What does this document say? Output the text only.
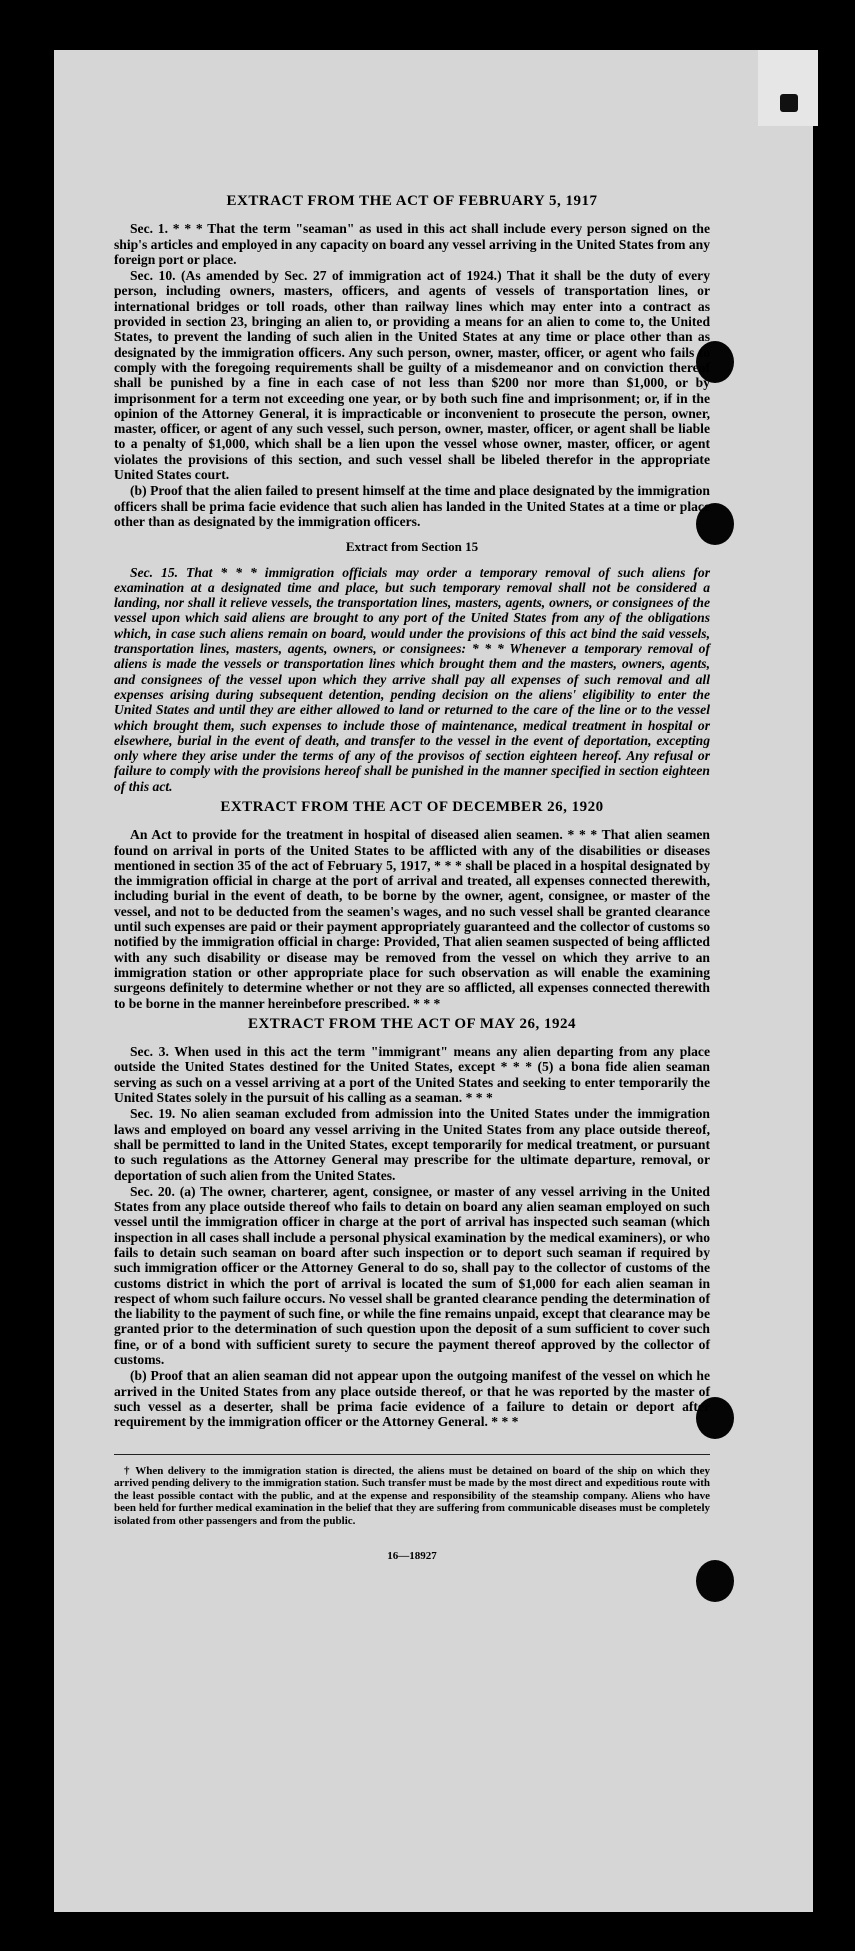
EXTRACT FROM THE ACT OF FEBRUARY 5, 1917

Sec. 1. * * * That the term "seaman" as used in this act shall include every person signed on the ship's articles and employed in any capacity on board any vessel arriving in the United States from any foreign port or place.

Sec. 10. (As amended by Sec. 27 of immigration act of 1924.) That it shall be the duty of every person, including owners, masters, officers, and agents of vessels of transportation lines, or international bridges or toll roads, other than railway lines which may enter into a contract as provided in section 23, bringing an alien to, or providing a means for an alien to come to, the United States, to prevent the landing of such alien in the United States at any time or place other than as designated by the immigration officers. Any such person, owner, master, officer, or agent who fails to comply with the foregoing requirements shall be guilty of a misdemeanor and on conviction thereof shall be punished by a fine in each case of not less than $200 nor more than $1,000, or by imprisonment for a term not exceeding one year, or by both such fine and imprisonment; or, if in the opinion of the Attorney General, it is impracticable or inconvenient to prosecute the person, owner, master, officer, or agent of any such vessel, such person, owner, master, officer, or agent shall be liable to a penalty of $1,000, which shall be a lien upon the vessel whose owner, master, officer, or agent violates the provisions of this section, and such vessel shall be libeled therefor in the appropriate United States court.

(b) Proof that the alien failed to present himself at the time and place designated by the immigration officers shall be prima facie evidence that such alien has landed in the United States at a time or place other than as designated by the immigration officers.

Extract from Section 15

Sec. 15. That * * * immigration officials may order a temporary removal of such aliens for examination at a designated time and place, but such temporary removal shall not be considered a landing, nor shall it relieve vessels, the transportation lines, masters, agents, owners, or consignees of the vessel upon which said aliens are brought to any port of the United States from any of the obligations which, in case such aliens remain on board, would under the provisions of this act bind the said vessels, transportation lines, masters, agents, owners, or consignees: * * * Whenever a temporary removal of aliens is made the vessels or transportation lines which brought them and the masters, owners, agents, and consignees of the vessel upon which they arrive shall pay all expenses of such removal and all expenses arising during subsequent detention, pending decision on the aliens' eligibility to enter the United States and until they are either allowed to land or returned to the care of the line or to the vessel which brought them, such expenses to include those of maintenance, medical treatment in hospital or elsewhere, burial in the event of death, and transfer to the vessel in the event of deportation, excepting only where they arise under the terms of any of the provisos of section eighteen hereof. Any refusal or failure to comply with the provisions hereof shall be punished in the manner specified in section eighteen of this act.

EXTRACT FROM THE ACT OF DECEMBER 26, 1920

An Act to provide for the treatment in hospital of diseased alien seamen. * * * That alien seamen found on arrival in ports of the United States to be afflicted with any of the disabilities or diseases mentioned in section 35 of the act of February 5, 1917, * * * shall be placed in a hospital designated by the immigration official in charge at the port of arrival and treated, all expenses connected therewith, including burial in the event of death, to be borne by the owner, agent, consignee, or master of the vessel, and not to be deducted from the seamen's wages, and no such vessel shall be granted clearance until such expenses are paid or their payment appropriately guaranteed and the collector of customs so notified by the immigration official in charge: Provided, That alien seamen suspected of being afflicted with any such disability or disease may be removed from the vessel on which they arrive to an immigration station or other appropriate place for such observation as will enable the examining surgeons definitely to determine whether or not they are so afflicted, all expenses connected therewith to be borne in the manner hereinbefore prescribed. * * *

EXTRACT FROM THE ACT OF MAY 26, 1924

Sec. 3. When used in this act the term "immigrant" means any alien departing from any place outside the United States destined for the United States, except * * * (5) a bona fide alien seaman serving as such on a vessel arriving at a port of the United States and seeking to enter temporarily the United States solely in the pursuit of his calling as a seaman. * * *

Sec. 19. No alien seaman excluded from admission into the United States under the immigration laws and employed on board any vessel arriving in the United States from any place outside thereof, shall be permitted to land in the United States, except temporarily for medical treatment, or pursuant to such regulations as the Attorney General may prescribe for the ultimate departure, removal, or deportation of such alien from the United States.

Sec. 20. (a) The owner, charterer, agent, consignee, or master of any vessel arriving in the United States from any place outside thereof who fails to detain on board any alien seaman employed on such vessel until the immigration officer in charge at the port of arrival has inspected such seaman (which inspection in all cases shall include a personal physical examination by the medical examiners), or who fails to detain such seaman on board after such inspection or to deport such seaman if required by such immigration officer or the Attorney General to do so, shall pay to the collector of customs of the customs district in which the port of arrival is located the sum of $1,000 for each alien seaman in respect of whom such failure occurs. No vessel shall be granted clearance pending the determination of the liability to the payment of such fine, or while the fine remains unpaid, except that clearance may be granted prior to the determination of such question upon the deposit of a sum sufficient to cover such fine, or of a bond with sufficient surety to secure the payment thereof approved by the collector of customs.

(b) Proof that an alien seaman did not appear upon the outgoing manifest of the vessel on which he arrived in the United States from any place outside thereof, or that he was reported by the master of such vessel as a deserter, shall be prima facie evidence of a failure to detain or deport after requirement by the immigration officer or the Attorney General. * * *

† When delivery to the immigration station is directed, the aliens must be detained on board of the ship on which they arrived pending delivery to the immigration station. Such transfer must be made by the most direct and expeditious route with the least possible contact with the public, and at the expense and responsibility of the steamship company. Aliens who have been held for further medical examination in the belief that they are suffering from communicable diseases must be completely isolated from other passengers and from the public.
16—18927
